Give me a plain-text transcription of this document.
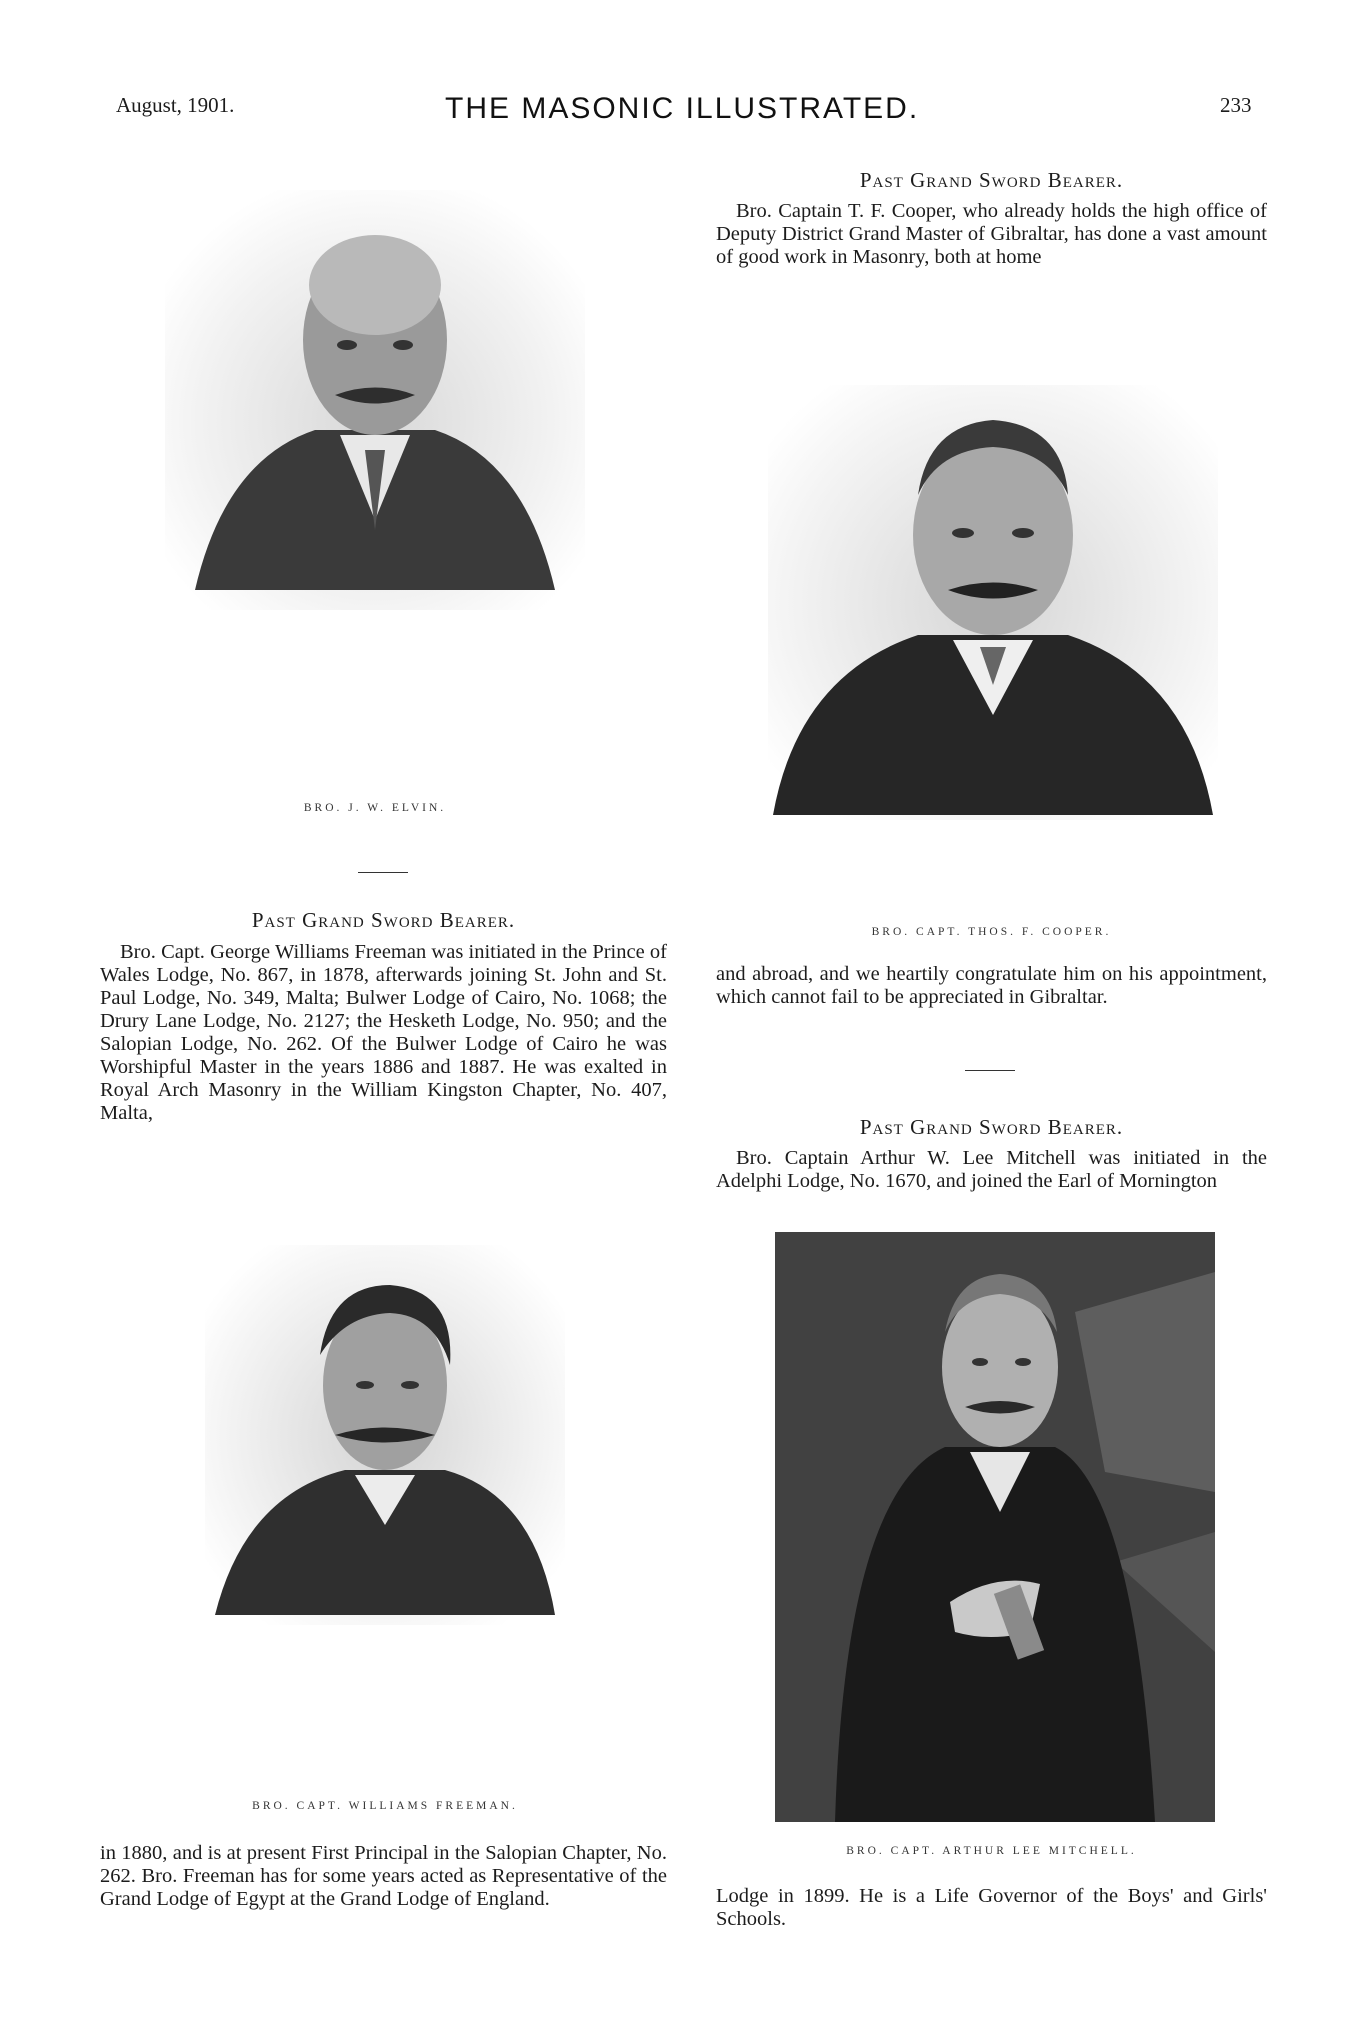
August, 1901.	THE MASONIC ILLUSTRATED.	233
BRO. J. W. ELVIN.
Past Grand Sword Bearer.
Bro. Capt. George Williams Freeman was initiated in the Prince of Wales Lodge, No. 867, in 1878, afterwards joining St. John and St. Paul Lodge, No. 349, Malta; Bulwer Lodge of Cairo, No. 1068; the Drury Lane Lodge, No. 2127; the Hesketh Lodge, No. 950; and the Salopian Lodge, No. 262. Of the Bulwer Lodge of Cairo he was Worshipful Master in the years 1886 and 1887. He was exalted in Royal Arch Masonry in the William Kingston Chapter, No. 407, Malta,
BRO. CAPT. WILLIAMS FREEMAN.
in 1880, and is at present First Principal in the Salopian Chapter, No. 262. Bro. Freeman has for some years acted as Representative of the Grand Lodge of Egypt at the Grand Lodge of England.
Past Grand Sword Bearer.
Bro. Captain T. F. Cooper, who already holds the high office of Deputy District Grand Master of Gibraltar, has done a vast amount of good work in Masonry, both at home
BRO. CAPT. THOS. F. COOPER.
and abroad, and we heartily congratulate him on his appointment, which cannot fail to be appreciated in Gibraltar.
Past Grand Sword Bearer.
Bro. Captain Arthur W. Lee Mitchell was initiated in the Adelphi Lodge, No. 1670, and joined the Earl of Mornington
BRO. CAPT. ARTHUR LEE MITCHELL.
Lodge in 1899. He is a Life Governor of the Boys' and Girls' Schools.
